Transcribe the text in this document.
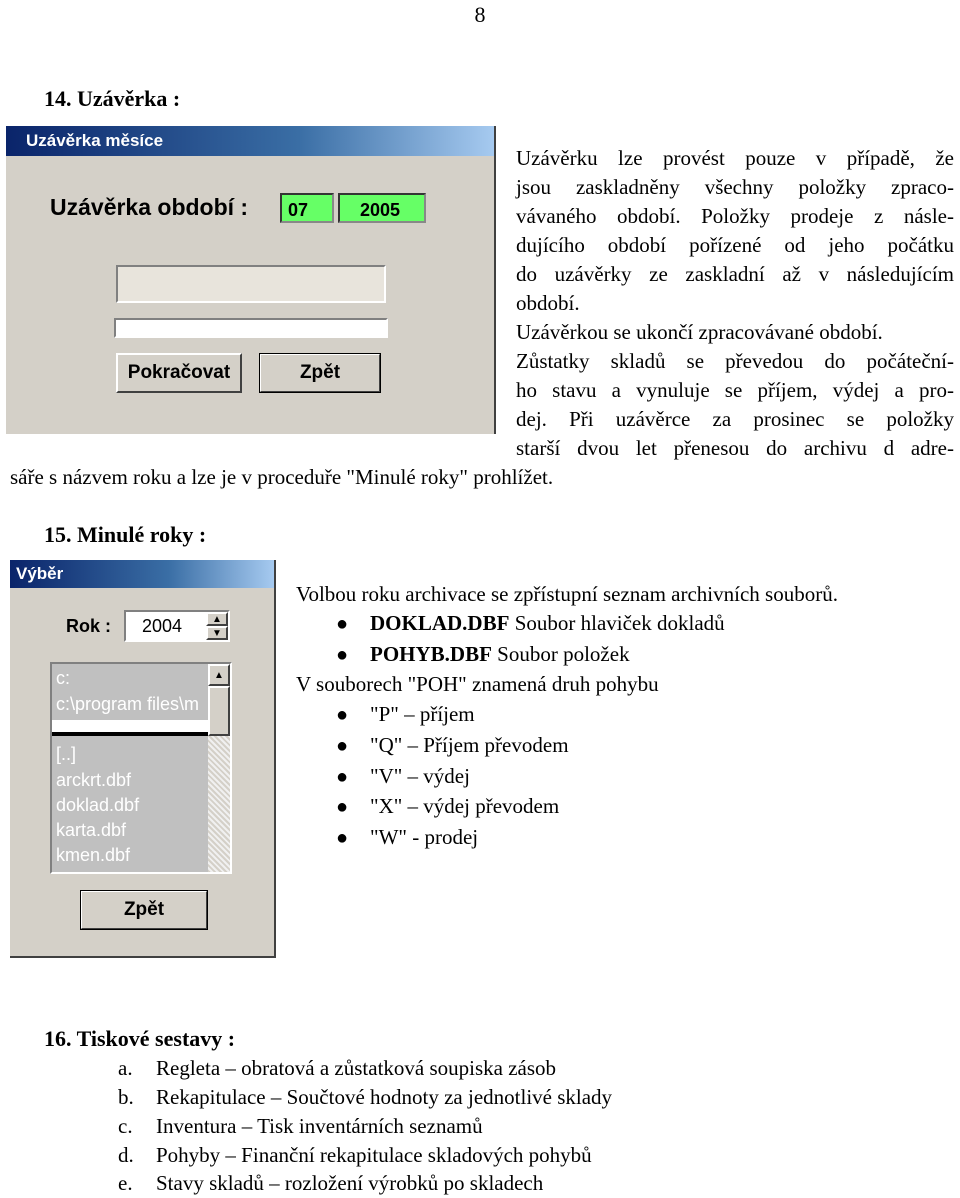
8
14. Uzávěrka :
Uzávěrka měsíce
Uzávěrka období :	07	2005
Pokračovat	Zpět
Uzávěrku lze provést pouze v případě, že
jsou zaskladněny všechny položky zpraco-
vávaného období. Položky prodeje z násle-
dujícího období pořízené od jeho počátku
do uzávěrky ze zaskladní až v následujícím
období.
Uzávěrkou se ukončí zpracovávané období.
Zůstatky skladů se převedou do počáteční-
ho stavu a vynuluje se příjem, výdej a pro-
dej. Při uzávěrce za prosinec se položky
starší dvou let přenesou do archivu d adre-
sáře s názvem roku a lze je v proceduře "Minulé roky" prohlížet.
15. Minulé roky :
Výběr
Rok : 2004	▲
▼
c:
c:\program files\m
[..]
arckrt.dbf
doklad.dbf
karta.dbf
kmen.dbf
▲
Zpět
Volbou roku archivace se zpřístupní seznam archivních souborů.
● DOKLAD.DBF Soubor hlaviček dokladů
● POHYB.DBF Soubor položek
V souborech "POH" znamená druh pohybu
● "P" – příjem
● "Q" – Příjem převodem
● "V" – výdej
● "X" – výdej převodem
● "W" - prodej
16. Tiskové sestavy :
a. Regleta – obratová a zůstatková soupiska zásob
b. Rekapitulace – Součtové hodnoty za jednotlivé sklady
c. Inventura – Tisk inventárních seznamů
d. Pohyby – Finanční rekapitulace skladových pohybů
e. Stavy skladů – rozložení výrobků po skladech
